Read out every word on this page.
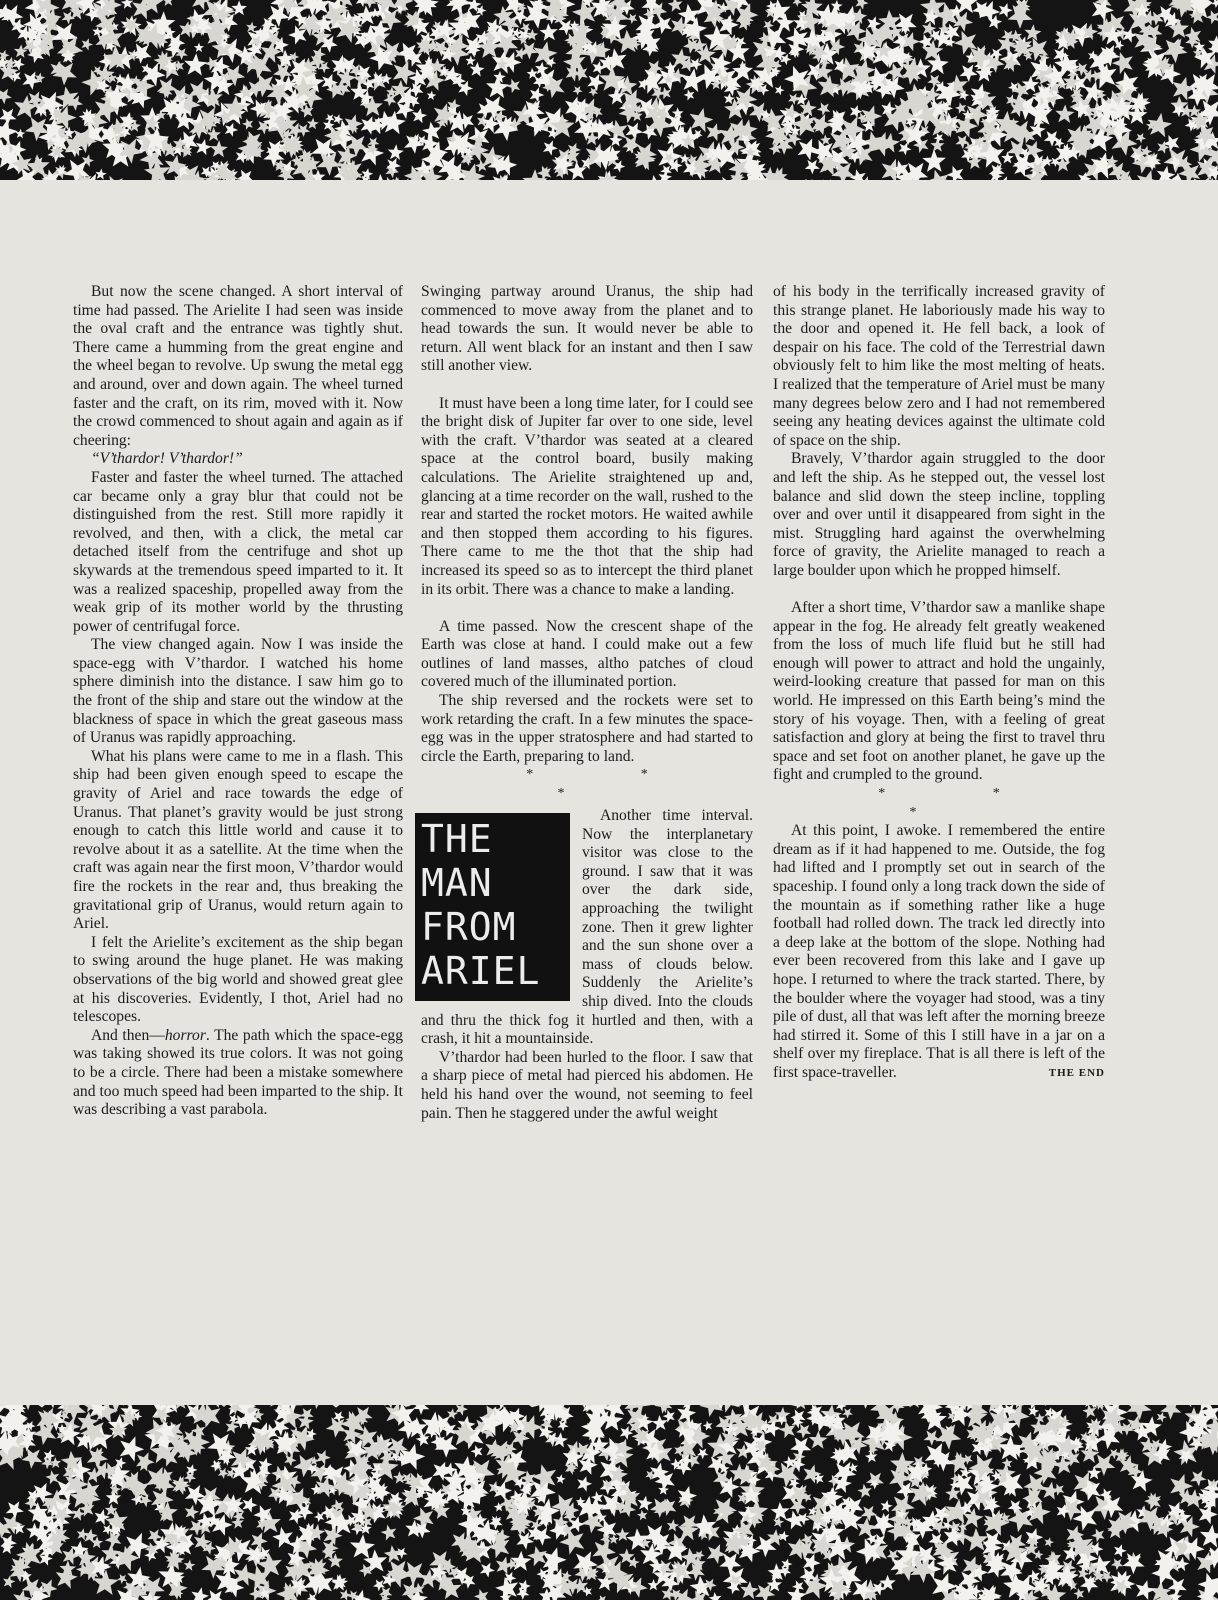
But now the scene changed. A short interval of time had passed. The Arielite I had seen was inside the oval craft and the entrance was tightly shut. There came a humming from the great engine and the wheel began to revolve. Up swung the metal egg and around, over and down again. The wheel turned faster and the craft, on its rim, moved with it. Now the crowd commenced to shout again and again as if cheering:

“V’thardor! V’thardor!”

Faster and faster the wheel turned. The attached car became only a gray blur that could not be distinguished from the rest. Still more rapidly it revolved, and then, with a click, the metal car detached itself from the centrifuge and shot up skywards at the tremendous speed imparted to it. It was a realized spaceship, propelled away from the weak grip of its mother world by the thrusting power of centrifugal force.

The view changed again. Now I was inside the space-egg with V’thardor. I watched his home sphere diminish into the distance. I saw him go to the front of the ship and stare out the window at the blackness of space in which the great gaseous mass of Uranus was rapidly approaching.

What his plans were came to me in a flash. This ship had been given enough speed to escape the gravity of Ariel and race towards the edge of Uranus. That planet’s gravity would be just strong enough to catch this little world and cause it to revolve about it as a satellite. At the time when the craft was again near the first moon, V’thardor would fire the rockets in the rear and, thus breaking the gravitational grip of Uranus, would return again to Ariel.

I felt the Arielite’s excitement as the ship began to swing around the huge planet. He was making observations of the big world and showed great glee at his discoveries. Evidently, I thot, Ariel had no telescopes.

And then—horror. The path which the space-egg was taking showed its true colors. It was not going to be a circle. There had been a mistake somewhere and too much speed had been imparted to the ship. It was describing a vast parabola.

Swinging partway around Uranus, the ship had commenced to move away from the planet and to head towards the sun. It would never be able to return. All went black for an instant and then I saw still another view.

It must have been a long time later, for I could see the bright disk of Jupiter far over to one side, level with the craft. V’thardor was seated at a cleared space at the control board, busily making calculations. The Arielite straightened up and, glancing at a time recorder on the wall, rushed to the rear and started the rocket motors. He waited awhile and then stopped them according to his figures. There came to me the thot that the ship had increased its speed so as to intercept the third planet in its orbit. There was a chance to make a landing.

A time passed. Now the crescent shape of the Earth was close at hand. I could make out a few outlines of land masses, altho patches of cloud covered much of the illuminated portion.

The ship reversed and the rockets were set to work retarding the craft. In a few minutes the space-egg was in the upper stratosphere and had started to circle the Earth, preparing to land.

* * *
THE
MAN
FROM
ARIEL

Another time interval. Now the interplanetary visitor was close to the ground. I saw that it was over the dark side, approaching the twilight zone. Then it grew lighter and the sun shone over a mass of clouds below. Suddenly the Arielite’s ship dived. Into the clouds and thru the thick fog it hurtled and then, with a crash, it hit a mountainside.

V’thardor had been hurled to the floor. I saw that a sharp piece of metal had pierced his abdomen. He held his hand over the wound, not seeming to feel pain. Then he staggered under the awful weight

of his body in the terrifically increased gravity of this strange planet. He laboriously made his way to the door and opened it. He fell back, a look of despair on his face. The cold of the Terrestrial dawn obviously felt to him like the most melting of heats. I realized that the temperature of Ariel must be many many degrees below zero and I had not remembered seeing any heating devices against the ultimate cold of space on the ship.

Bravely, V’thardor again struggled to the door and left the ship. As he stepped out, the vessel lost balance and slid down the steep incline, toppling over and over until it disappeared from sight in the mist. Struggling hard against the overwhelming force of gravity, the Arielite managed to reach a large boulder upon which he propped himself.

After a short time, V’thardor saw a manlike shape appear in the fog. He already felt greatly weakened from the loss of much life fluid but he still had enough will power to attract and hold the ungainly, weird-looking creature that passed for man on this world. He impressed on this Earth being’s mind the story of his voyage. Then, with a feeling of great satisfaction and glory at being the first to travel thru space and set foot on another planet, he gave up the fight and crumpled to the ground.

* * *

At this point, I awoke. I remembered the entire dream as if it had happened to me. Outside, the fog had lifted and I promptly set out in search of the spaceship. I found only a long track down the side of the mountain as if something rather like a huge football had rolled down. The track led directly into a deep lake at the bottom of the slope. Nothing had ever been recovered from this lake and I gave up hope. I returned to where the track started. There, by the boulder where the voyager had stood, was a tiny pile of dust, all that was left after the morning breeze had stirred it. Some of this I still have in a jar on a shelf over my fireplace. That is all there is left of the first space-traveller.	THE END
